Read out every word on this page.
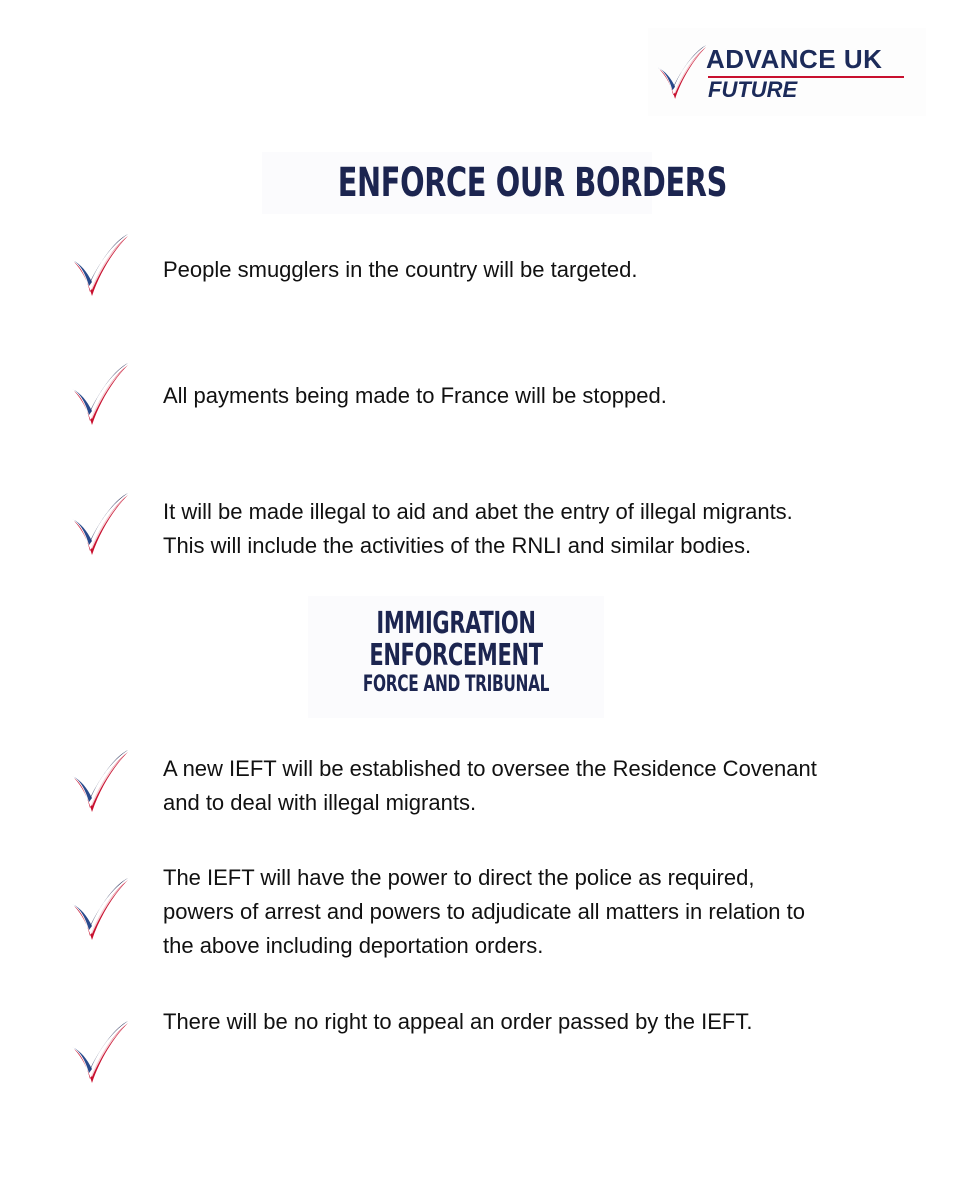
ADVANCE UK
FUTURE
ENFORCE OUR BORDERS

People smugglers in the country will be targeted.

All payments being made to France will be stopped.

It will be made illegal to aid and abet the entry of illegal migrants.

This will include the activities of the RNLI and similar bodies.

IMMIGRATION
ENFORCEMENT
FORCE AND TRIBUNAL

A new IEFT will be established to oversee the Residence Covenant

and to deal with illegal migrants.

The IEFT will have the power to direct the police as required,

powers of arrest and powers to adjudicate all matters in relation to

the above including deportation orders.

There will be no right to appeal an order passed by the IEFT.
